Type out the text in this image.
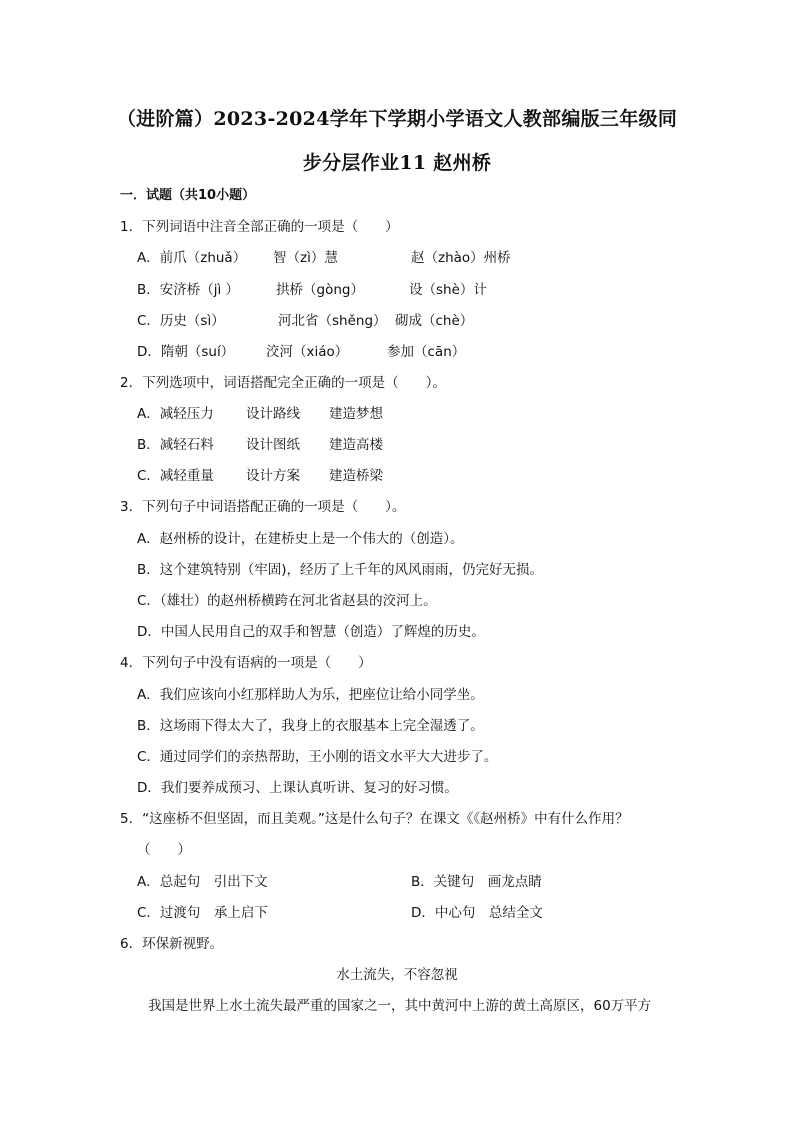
（进阶篇）2023-2024学年下学期小学语文人教部编版三年级同
步分层作业11 赵州桥
一．试题（共10小题）
1．下列词语中注音全部正确的一项是（　　）
A．前爪（zhuǎ） 智（zì）慧	赵（zhào）州桥
B．安济桥（jì ）	拱桥（gòng）	设（shè）计
C．历史（sì）	河北省（shěng） 砌成（chè）
D．隋朝（suí） 洨河（xiáo）	参加（cān）
2．下列选项中，词语搭配完全正确的一项是（　　）。
A．减轻压力 设计路线 建造梦想
B．减轻石料 设计图纸 建造高楼
C．减轻重量 设计方案 建造桥梁
3．下列句子中词语搭配正确的一项是（　　）。
A．赵州桥的设计，在建桥史上是一个伟大的（创造）。
B．这个建筑特别（牢固)，经历了上千年的风风雨雨，仍完好无损。
C．（雄壮）的赵州桥横跨在河北省赵县的洨河上。
D．中国人民用自己的双手和智慧（创造）了辉煌的历史。
4．下列句子中没有语病的一项是（　　）
A．我们应该向小红那样助人为乐，把座位让给小同学坐。
B．这场雨下得太大了，我身上的衣服基本上完全湿透了。
C．通过同学们的亲热帮助，王小刚的语文水平大大进步了。
D．我们要养成预习、上课认真听讲、复习的好习惯。
5．“这座桥不但坚固，而且美观。”这是什么句子？在课文《《赵州桥》中有什么作用？
（　　）
A．总起句　引出下文	B．关键句　画龙点睛
C．过渡句　承上启下	D．中心句　总结全文
6．环保新视野。
水土流失，不容忽视
我国是世界上水土流失最严重的国家之一，其中黄河中上游的黄土高原区，60万平方
